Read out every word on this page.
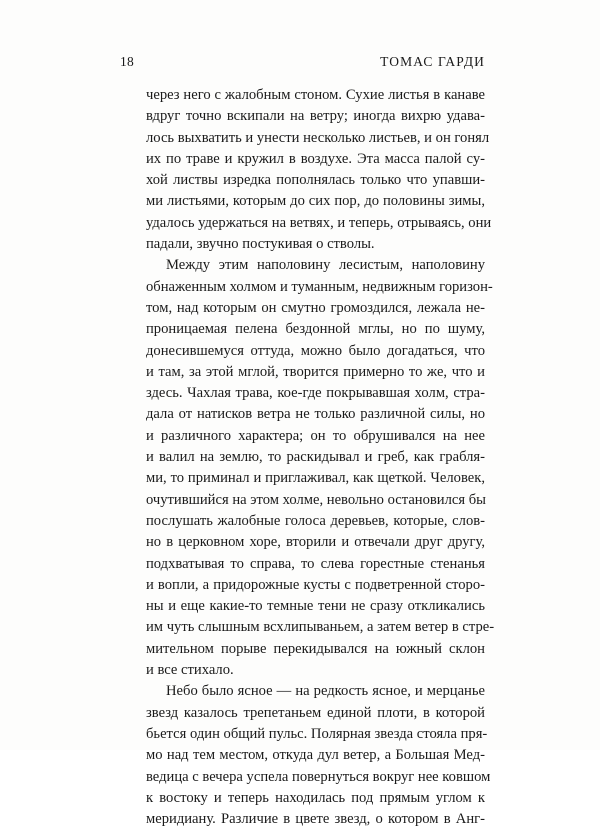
18	ТОМАС ГАРДИ
через него с жалобным стоном. Сухие листья в канаве
вдруг точно вскипали на ветру; иногда вихрю удава-
лось выхватить и унести несколько листьев, и он гонял
их по траве и кружил в воздухе. Эта масса палой су-
хой листвы изредка пополнялась только что упавши-
ми листьями, которым до сих пор, до половины зимы,
удалось удержаться на ветвях, и теперь, отрываясь, они
падали, звучно постукивая о стволы.
Между этим наполовину лесистым, наполовину
обнаженным холмом и туманным, недвижным горизон-
том, над которым он смутно громоздился, лежала не-
проницаемая пелена бездонной мглы, но по шуму,
донесившемуся оттуда, можно было догадаться, что
и там, за этой мглой, творится примерно то же, что и
здесь. Чахлая трава, кое-где покрывавшая холм, стра-
дала от натисков ветра не только различной силы, но
и различного характера; он то обрушивался на нее
и валил на землю, то раскидывал и греб, как грабля-
ми, то приминал и приглаживал, как щеткой. Человек,
очутившийся на этом холме, невольно остановился бы
послушать жалобные голоса деревьев, которые, слов-
но в церковном хоре, вторили и отвечали друг другу,
подхватывая то справа, то слева горестные стенанья
и вопли, а придорожные кусты с подветренной сторо-
ны и еще какие-то темные тени не сразу откликались
им чуть слышным всхлипываньем, а затем ветер в стре-
мительном порыве перекидывался на южный склон
и все стихало.
Небо было ясное — на редкость ясное, и мерцанье
звезд казалось трепетаньем единой плоти, в которой
бьется один общий пульс. Полярная звезда стояла пря-
мо над тем местом, откуда дул ветер, а Большая Мед-
ведица с вечера успела повернуться вокруг нее ковшом
к востоку и теперь находилась под прямым углом к
меридиану. Различие в цвете звезд, о котором в Анг-
